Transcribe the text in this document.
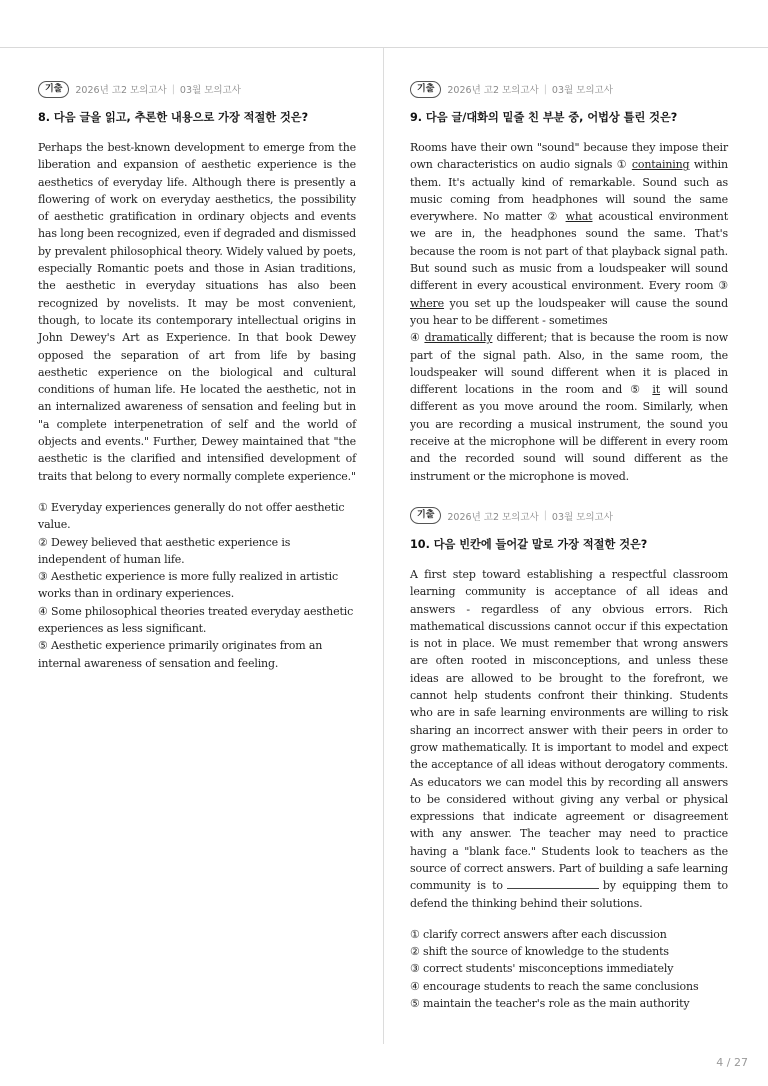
기출	2026년 고2 모의고사 | 03월 모의고사
8. 다음 글을 읽고, 추론한 내용으로 가장 적절한 것은?

Perhaps the best-known development to emerge from the liberation and expansion of aesthetic experience is the aesthetics of everyday life. Although there is presently a flowering of work on everyday aesthetics, the possibility of aesthetic gratification in ordinary objects and events has long been recognized, even if degraded and dismissed by prevalent philosophical theory. Widely valued by poets, especially Romantic poets and those in Asian traditions, the aesthetic in everyday situations has also been recognized by novelists. It may be most convenient, though, to locate its contemporary intellectual origins in John Dewey's Art as Experience. In that book Dewey opposed the separation of art from life by basing aesthetic experience on the biological and cultural conditions of human life. He located the aesthetic, not in an internalized awareness of sensation and feeling but in "a complete interpenetration of self and the world of objects and events." Further, Dewey maintained that "the aesthetic is the clarified and intensified development of traits that belong to every normally complete experience."

① Everyday experiences generally do not offer aesthetic value.

② Dewey believed that aesthetic experience is independent of human life.

③ Aesthetic experience is more fully realized in artistic works than in ordinary experiences.

④ Some philosophical theories treated everyday aesthetic experiences as less significant.

⑤ Aesthetic experience primarily originates from an internal awareness of sensation and feeling.

기출	2026년 고2 모의고사 | 03월 모의고사
9. 다음 글/대화의 밑줄 친 부분 중, 어법상 틀린 것은?

Rooms have their own "sound" because they impose their own characteristics on audio signals ① containing within them. It's actually kind of remarkable. Sound such as music coming from headphones will sound the same everywhere. No matter ② what acoustical environment we are in, the headphones sound the same. That's because the room is not part of that playback signal path. But sound such as music from a loudspeaker will sound different in every acoustical environment. Every room ③ where you set up the loudspeaker will cause the sound you hear to be different - sometimes
④ dramatically different; that is because the room is now part of the signal path. Also, in the same room, the loudspeaker will sound different when it is placed in different locations in the room and ⑤ it will sound different as you move around the room. Similarly, when you are recording a musical instrument, the sound you receive at the microphone will be different in every room and the recorded sound will sound different as the instrument or the microphone is moved.

기출	2026년 고2 모의고사 | 03월 모의고사
10. 다음 빈칸에 들어갈 말로 가장 적절한 것은?

A first step toward establishing a respectful classroom learning community is acceptance of all ideas and answers - regardless of any obvious errors. Rich mathematical discussions cannot occur if this expectation is not in place. We must remember that wrong answers are often rooted in misconceptions, and unless these ideas are allowed to be brought to the forefront, we cannot help students confront their thinking. Students who are in safe learning environments are willing to risk sharing an incorrect answer with their peers in order to grow mathematically. It is important to model and expect the acceptance of all ideas without derogatory comments. As educators we can model this by recording all answers to be considered without giving any verbal or physical expressions that indicate agreement or disagreement with any answer. The teacher may need to practice having a "blank face." Students look to teachers as the source of correct answers. Part of building a safe learning community is to	by equipping them to defend the thinking behind their solutions.

① clarify correct answers after each discussion

② shift the source of knowledge to the students

③ correct students' misconceptions immediately

④ encourage students to reach the same conclusions

⑤ maintain the teacher's role as the main authority

4 / 27
